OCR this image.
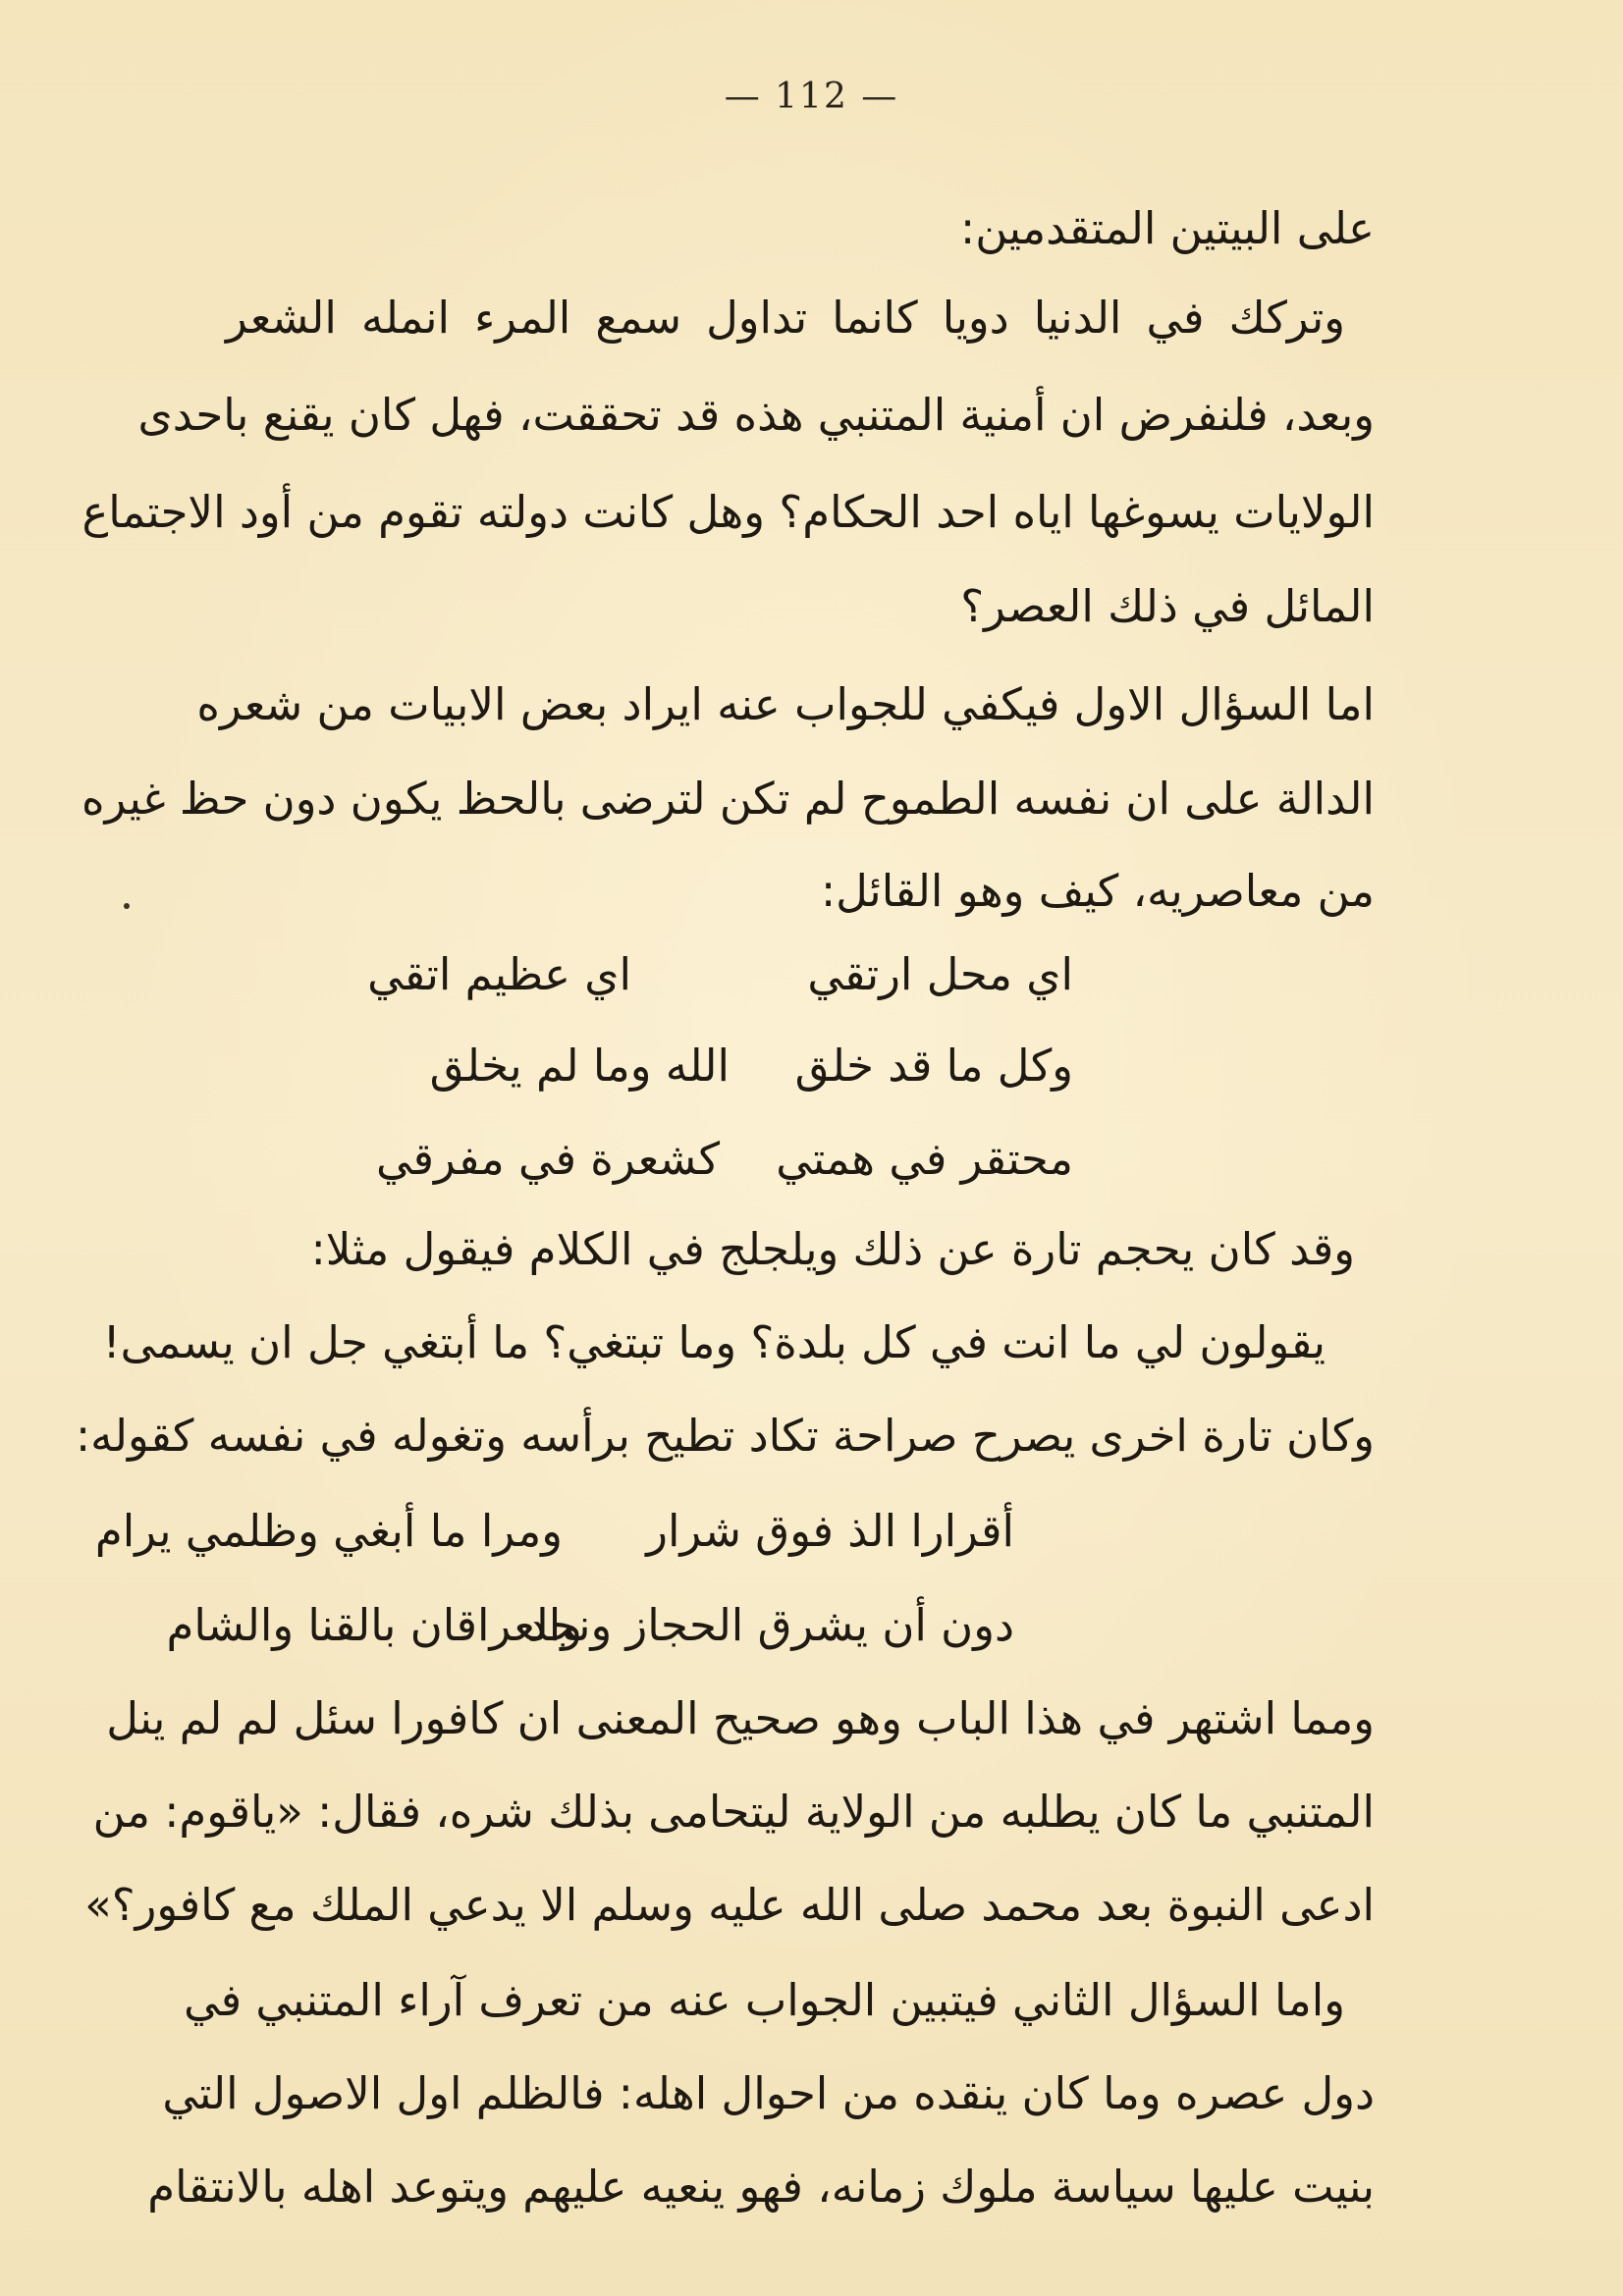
— 112 —
على البيتين المتقدمين:
وتركك في الدنيا دويا كانما تداول سمع المرء انمله الشعر
وبعد، فلنفرض ان أمنية المتنبي هذه قد تحققت، فهل كان يقنع باحدى
الولايات يسوغها اياه احد الحكام؟ وهل كانت دولته تقوم من أود الاجتماع
المائل في ذلك العصر؟
اما السؤال الاول فيكفي للجواب عنه ايراد بعض الابيات من شعره
الدالة على ان نفسه الطموح لم تكن لترضى بالحظ يكون دون حظ غيره
من معاصريه، كيف وهو القائل:
اي محل ارتقي
اي عظيم اتقي
وكل ما قد خلق
الله وما لم يخلق
محتقر في همتي
كشعرة في مفرقي
وقد كان يحجم تارة عن ذلك ويلجلج في الكلام فيقول مثلا:
يقولون لي ما انت في كل بلدة؟ وما تبتغي؟ ما أبتغي جل ان يسمى!
وكان تارة اخرى يصرح صراحة تكاد تطيح برأسه وتغوله في نفسه كقوله:
أقرارا الذ فوق شرار
ومرا ما أبغي وظلمي يرام
دون أن يشرق الحجاز ونجد
والعراقان بالقنا والشام
ومما اشتهر في هذا الباب وهو صحيح المعنى ان كافورا سئل لم لم ينل
المتنبي ما كان يطلبه من الولاية ليتحامى بذلك شره، فقال: «ياقوم: من
ادعى النبوة بعد محمد صلى الله عليه وسلم الا يدعي الملك مع كافور؟»
واما السؤال الثاني فيتبين الجواب عنه من تعرف آراء المتنبي في
دول عصره وما كان ينقده من احوال اهله: فالظلم اول الاصول التي
بنيت عليها سياسة ملوك زمانه، فهو ينعيه عليهم ويتوعد اهله بالانتقام
